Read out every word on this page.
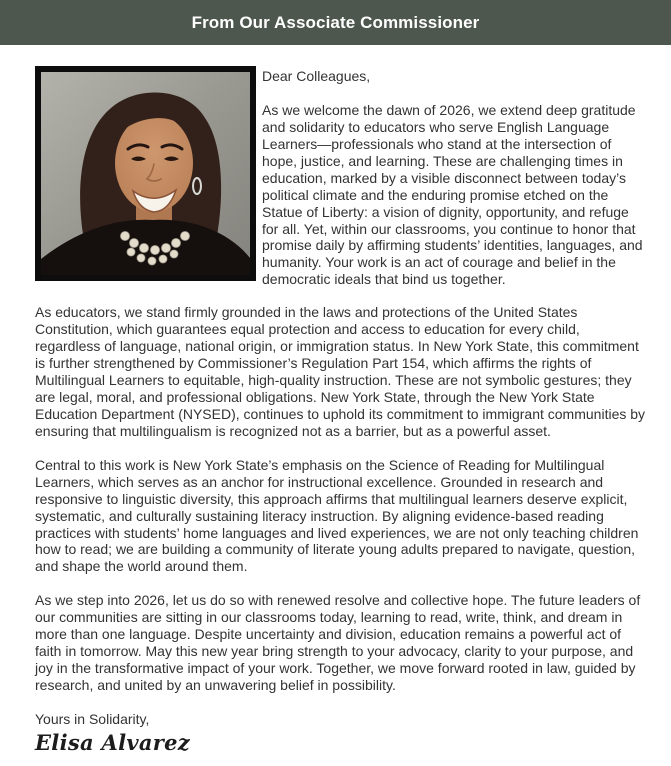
From Our Associate Commissioner

Dear Colleagues,

As we welcome the dawn of 2026, we extend deep gratitude and solidarity to educators who serve English Language Learners—professionals who stand at the intersection of hope, justice, and learning. These are challenging times in education, marked by a visible disconnect between today’s political climate and the enduring promise etched on the Statue of Liberty: a vision of dignity, opportunity, and refuge for all. Yet, within our classrooms, you continue to honor that promise daily by affirming students’ identities, languages, and humanity. Your work is an act of courage and belief in the democratic ideals that bind us together.

As educators, we stand firmly grounded in the laws and protections of the United States Constitution, which guarantees equal protection and access to education for every child, regardless of language, national origin, or immigration status. In New York State, this commitment is further strengthened by Commissioner’s Regulation Part 154, which affirms the rights of Multilingual Learners to equitable, high-quality instruction. These are not symbolic gestures; they are legal, moral, and professional obligations. New York State, through the New York State Education Department (NYSED), continues to uphold its commitment to immigrant communities by ensuring that multilingualism is recognized not as a barrier, but as a powerful asset.

Central to this work is New York State’s emphasis on the Science of Reading for Multilingual Learners, which serves as an anchor for instructional excellence. Grounded in research and responsive to linguistic diversity, this approach affirms that multilingual learners deserve explicit, systematic, and culturally sustaining literacy instruction. By aligning evidence-based reading practices with students’ home languages and lived experiences, we are not only teaching children how to read; we are building a community of literate young adults prepared to navigate, question, and shape the world around them.

As we step into 2026, let us do so with renewed resolve and collective hope. The future leaders of our communities are sitting in our classrooms today, learning to read, write, think, and dream in more than one language. Despite uncertainty and division, education remains a powerful act of faith in tomorrow. May this new year bring strength to your advocacy, clarity to your purpose, and joy in the transformative impact of your work. Together, we move forward rooted in law, guided by research, and united by an unwavering belief in possibility.

Yours in Solidarity,

Elisa Alvarez
